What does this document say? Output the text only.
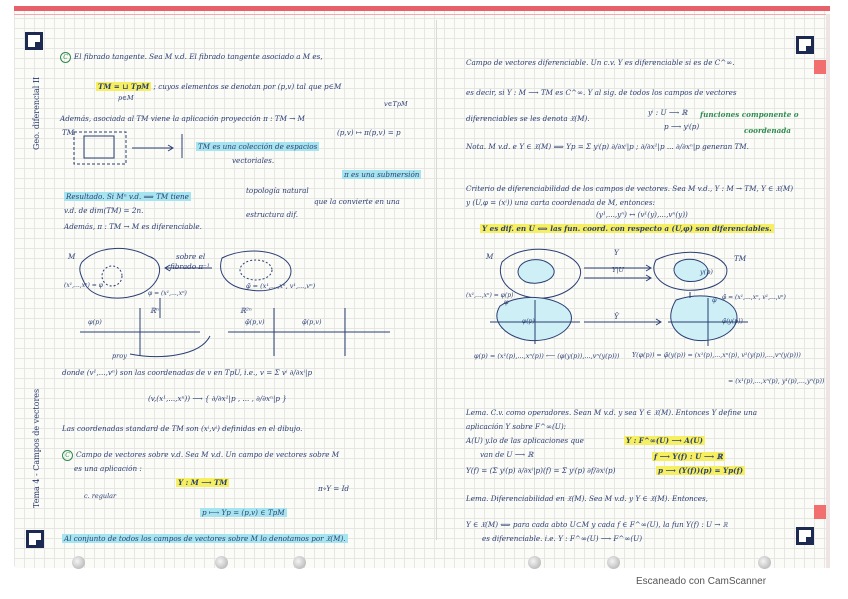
Geo. diferencial II
Tema 4 - Campos de vectores
C El fibrado tangente. Sea M v.d. El fibrado tangente asociado a M es,
TM = ⊔ TpM ; cuyos elementos se denotan por (p,v) tal que p∈M
p∈M
v∈TpM
Además, asociada al TM viene la aplicación proyección π : TM → M
(p,v) ↦ π(p,v) = p
TM es una colección de espacios
vectoriales.
π es una submersión
TM
Resultado. Si Mⁿ v.d. ⟹ TM tiene
topología natural
que la convierte en una
v.d. de dim(TM) = 2n.	estructura dif.
Además, π : TM → M es diferenciable.
M	sobre el
fibrado π⁻¹
(x¹,...,xⁿ) = φ
φ = (x¹,...,xⁿ)
φ̃ = (x¹,...,xⁿ, v¹,...,vⁿ)
ℝⁿ	ℝ²ⁿ
φ(p)	φ̃(p,v)	φ̃(p,v)
proy
donde (v¹,...,vⁿ) son las coordenadas de v en TpU, i.e., v = Σ vⁱ ∂/∂xⁱ|p
(v,(x¹,...,xⁿ)) ⟶ { ∂/∂x¹|p , ... , ∂/∂xⁿ|p }
Las coordenadas standard de TM son (xⁱ,vⁱ) definidas en el dibujo.
C Campo de vectores sobre v.d. Sea M v.d. Un campo de vectores sobre M
es una aplicación :
Y : M ⟶ TM
π∘Y = Id
c. regular
p ⟼ Yp = (p,v) ∈ TpM
Al conjunto de todos los campos de vectores sobre M lo denotamos por 𝔛(M).
Campo de vectores diferenciable. Un c.v. Y es diferenciable si es de C^∞.
es decir, si Y : M ⟶ TM es C^∞. Y al sig. de todos los campos de vectores
diferenciables se les denota 𝔛(M).
yⁱ : U ⟶ ℝ funciones componente o
p ⟶ yⁱ(p)	coordenada
Nota. M v.d. e Y ∈ 𝔛(M) ⟹ Yp = Σ yⁱ(p) ∂/∂xⁱ|p ; ∂/∂x¹|p ... ∂/∂xⁿ|p generan TM.
Criterio de diferenciabilidad de los campos de vectores. Sea M v.d., Y : M → TM, Y ∈ 𝔛(M)
y (U,φ = (xⁱ)) una carta coordenada de M, entonces:
(y¹,...,yⁿ) ↔ (v¹(y),...,vⁿ(y))
Y es dif. en U ⟺ las fun. coord. con respecto a (U,φ) son diferenciables.
M	TM
Y
Y|U	y(p)
(x¹,...,xⁿ) = φ(p)
φ	φ̃ φ̃ = (x¹,...,xⁿ, v¹,...,vⁿ)
Ŷ
φ(p)	φ̃(y(p))
φ(p) = (x¹(p),...,xⁿ(p)) ⟵ (φ(y(p)),...,vⁿ(y(p))) Ŷ(φ(p)) = φ̃(y(p)) = (x¹(p),...,xⁿ(p), v¹(y(p)),...,vⁿ(y(p)))
= (x¹(p),...,xⁿ(p), y¹(p),...,yⁿ(p))
Lema. C.v. como operadores. Sean M v.d. y sea Y ∈ 𝔛(M). Entonces Y define una
aplicación Y sobre F^∞(U):
A(U) y.lo de las aplicaciones que	Y : F^∞(U) ⟶ A(U)
van de U ⟶ ℝ	f ⟶ Y(f) : U ⟶ ℝ
Y(f) = (Σ yⁱ(p) ∂/∂xⁱ|p)(f) = Σ yⁱ(p) ∂f/∂xⁱ(p)	p ⟶ (Y(f))(p) = Yp(f)
Lema. Diferenciabilidad en 𝔛(M). Sea M v.d. y Y ∈ 𝔛(M). Entonces,
Y ∈ 𝔛(M) ⟺ para cada abto U⊂M y cada f ∈ F^∞(U), la fun Y(f) : U → ℝ
es diferenciable. i.e. Y : F^∞(U) ⟶ F^∞(U)
Escaneado con CamScanner
